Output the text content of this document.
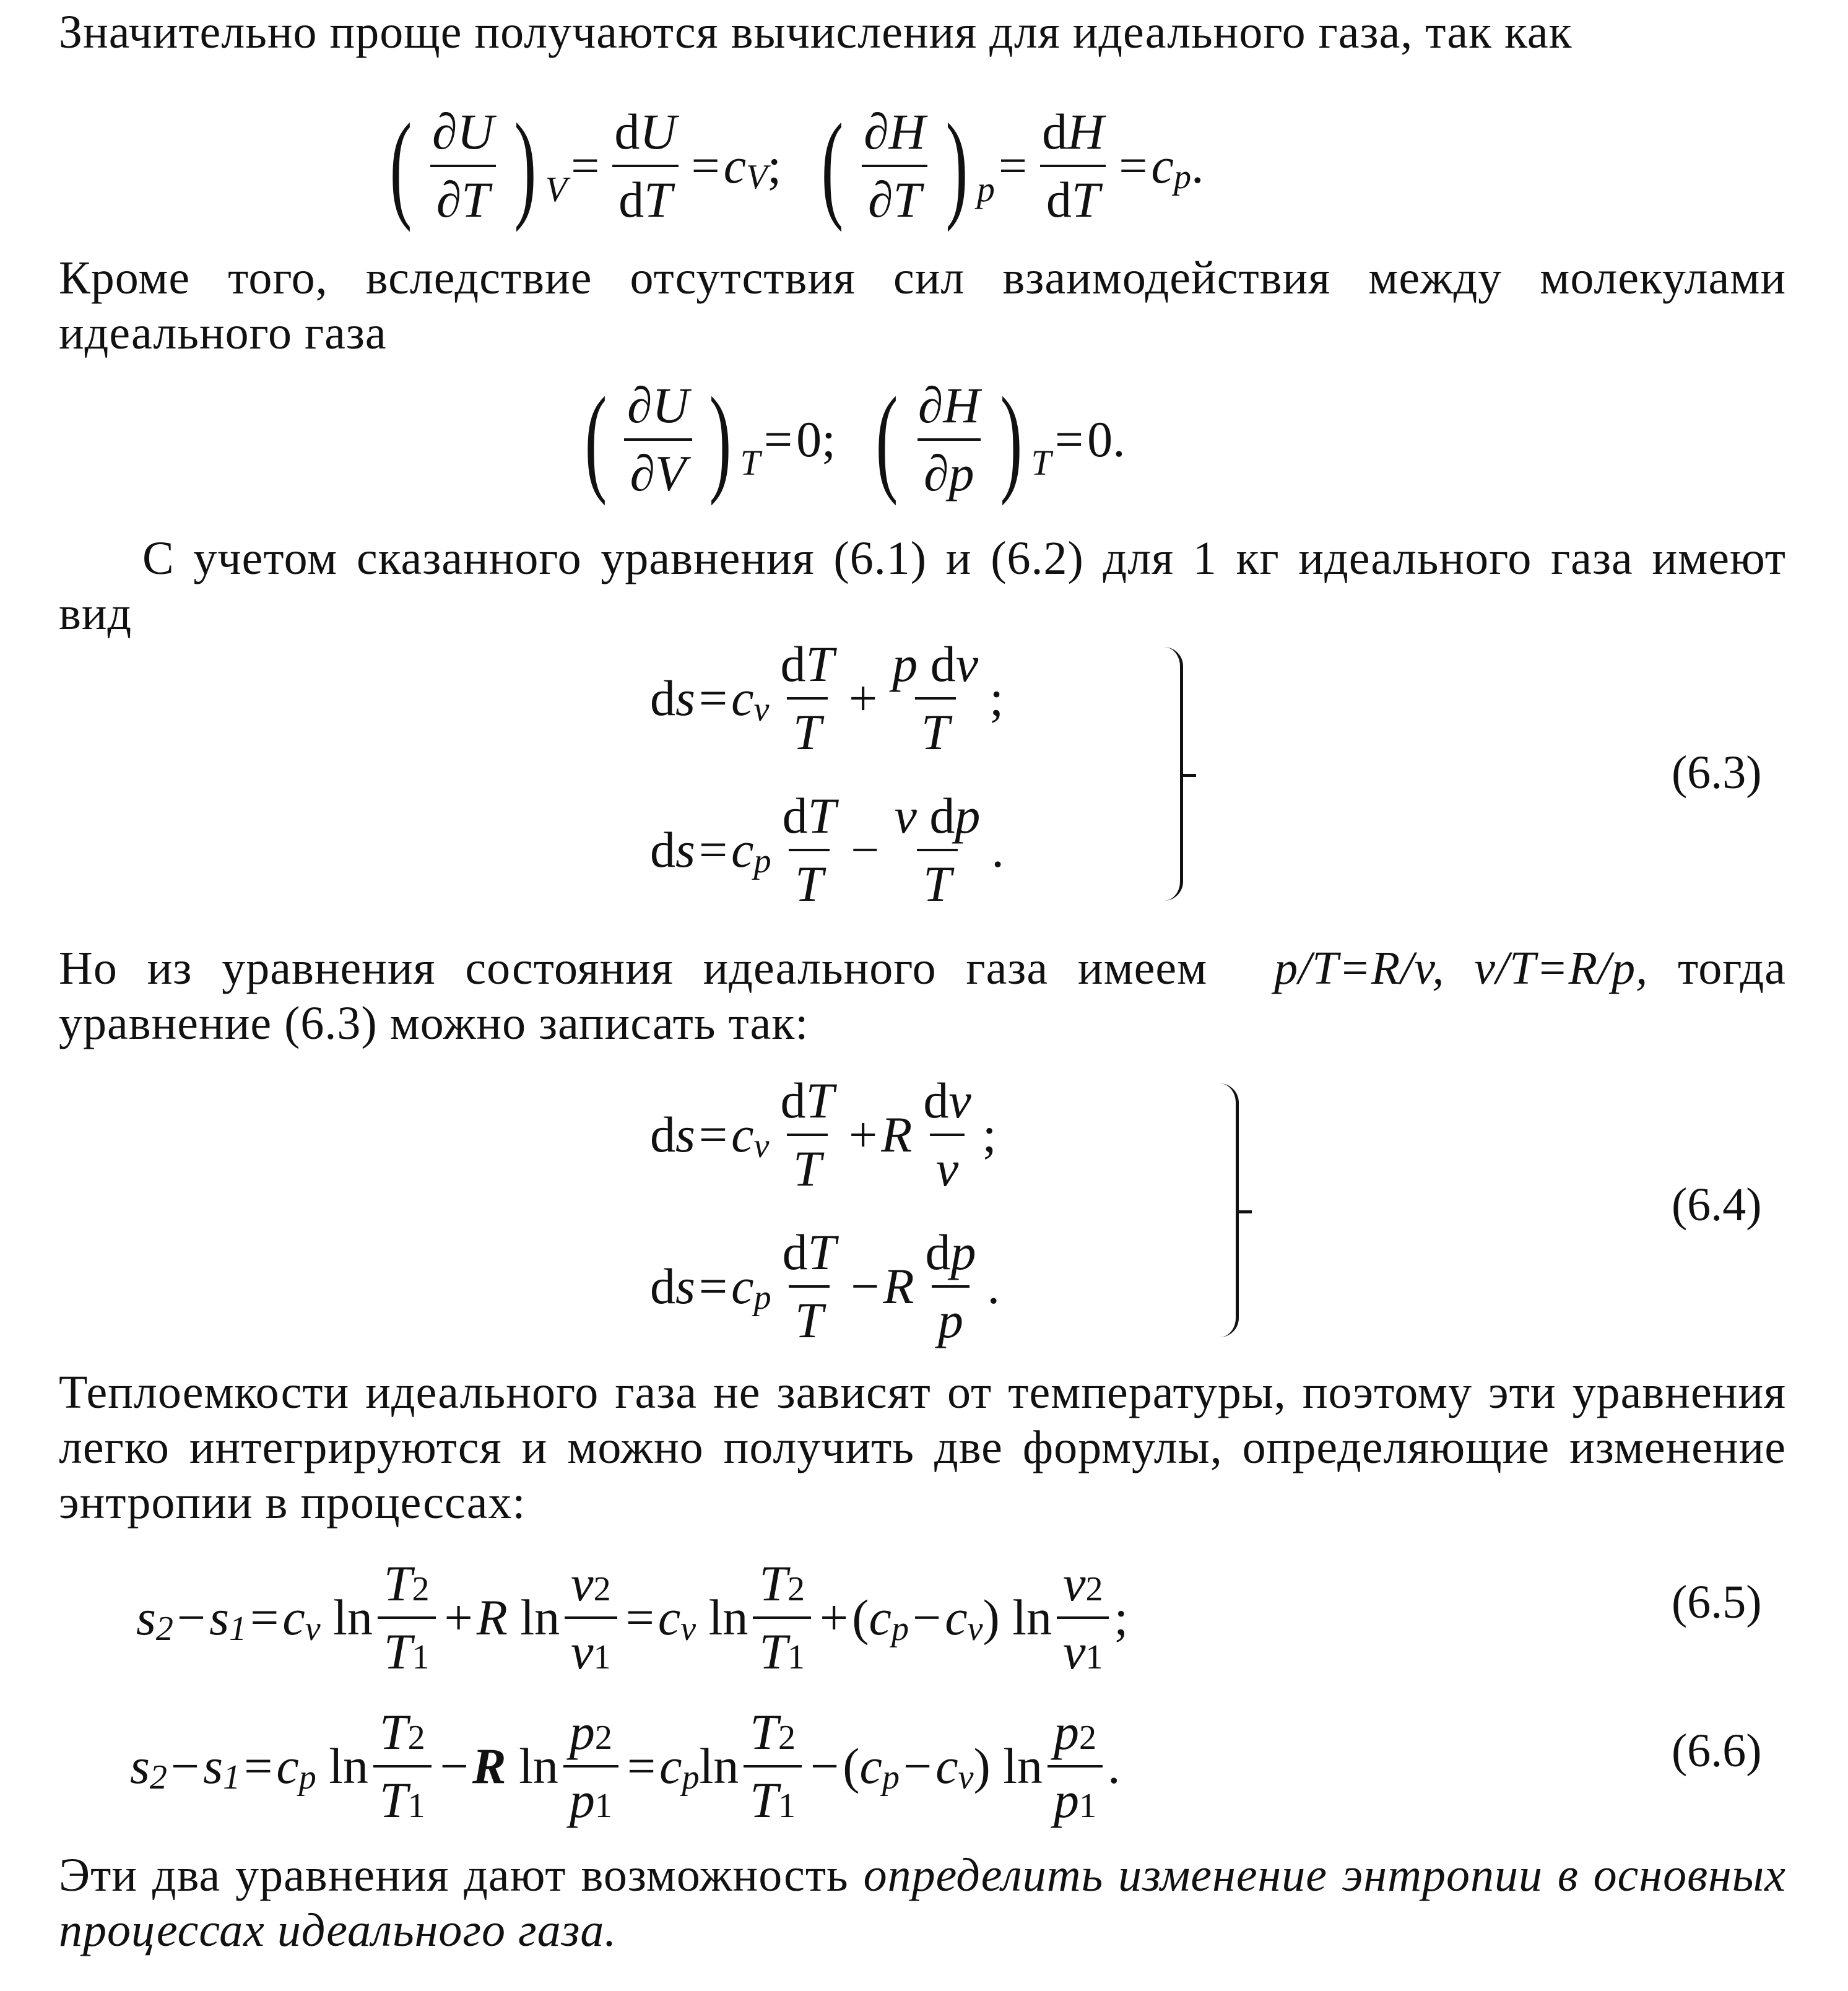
Значительно проще получаются вычисления для идеального газа, так как
( $\frac{\partial U}{\partial T}$ ) $V = \frac{dU}{dT} = c$ V ; ( $\frac{\partial H}{\partial T}$ ) $p = \frac{dH}{dT} = c$ p .
Кроме того, вследствие отсутствия сил взаимодействия между молекулами идеального газа
( $\frac{\partial U}{\partial V}$ ) T = 0; ( $\frac{\partial H}{\partial p}$ ) T = 0.
С учетом сказанного уравнения (6.1) и (6.2) для 1 кг идеального газа имеют вид
d s = c v $\frac{dT}{T} + \frac{\text{p dv}}{T}$ ;
d s = c p $\frac{dT}{T} - \frac{\text{v dp}}{T}$ .
(6.3)
Но из уравнения состояния идеального газа имеем p/T=R/v, v/T=R/p, тогда уравнение (6.3) можно записать так:
d s = c v $\frac{dT}{T} + R \frac{dv}{v}$ ;
d s = c p $\frac{dT}{T} - R \frac{dp}{p}$ .
(6.4)
Теплоемкости идеального газа не зависят от температуры, поэтому эти уравнения легко интегрируются и можно получить две формулы, определяющие изменение энтропии в процессах:
s 2 − s 1 = c v $\ln \frac{T2}{T1} + R$ $\ln \frac{v2}{v1} = c$ v $\ln \frac{T2}{T1}$ + ( c p − c v ) $\ln \frac{v2}{v1}$ ;	(6.5)
s 2 − s 1 = c p $\ln \frac{T2}{T1} - R$ $\ln \frac{p2}{p1} = c$ p $\ln \frac{T2}{T1}$ − ( c p − c v ) $\ln \frac{p2}{p1}$ .	(6.6)
Эти два уравнения дают возможность определить изменение энтропии в основных процессах идеального газа.
